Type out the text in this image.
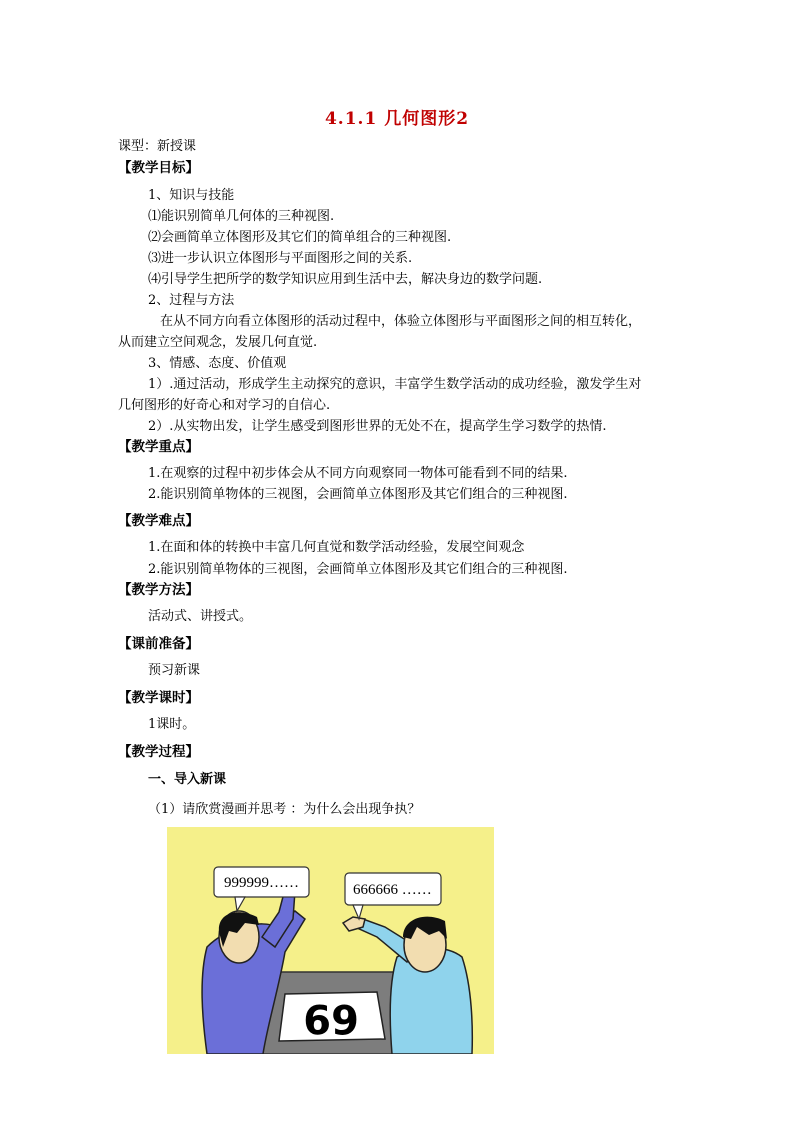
4.1.1 几何图形2
课型：新授课
【教学目标】
1、知识与技能
⑴能识别简单几何体的三种视图.
⑵会画简单立体图形及其它们的简单组合的三种视图.
⑶进一步认识立体图形与平面图形之间的关系.
⑷引导学生把所学的数学知识应用到生活中去，解决身边的数学问题.
2、过程与方法
在从不同方向看立体图形的活动过程中，体验立体图形与平面图形之间的相互转化，
从而建立空间观念，发展几何直觉.
3、情感、态度、价值观
1）.通过活动，形成学生主动探究的意识，丰富学生数学活动的成功经验，激发学生对
几何图形的好奇心和对学习的自信心.
2）.从实物出发，让学生感受到图形世界的无处不在，提高学生学习数学的热情.
【教学重点】
1.在观察的过程中初步体会从不同方向观察同一物体可能看到不同的结果.
2.能识别简单物体的三视图，会画简单立体图形及其它们组合的三种视图.
【教学难点】
1.在面和体的转换中丰富几何直觉和数学活动经验，发展空间观念
2.能识别简单物体的三视图，会画简单立体图形及其它们组合的三种视图.
【教学方法】
活动式、讲授式。
【课前准备】
预习新课
【教学课时】
1课时。
【教学过程】
一、导入新课
（1）请欣赏漫画并思考 ：为什么会出现争执？
69
999999……	666666 ……
